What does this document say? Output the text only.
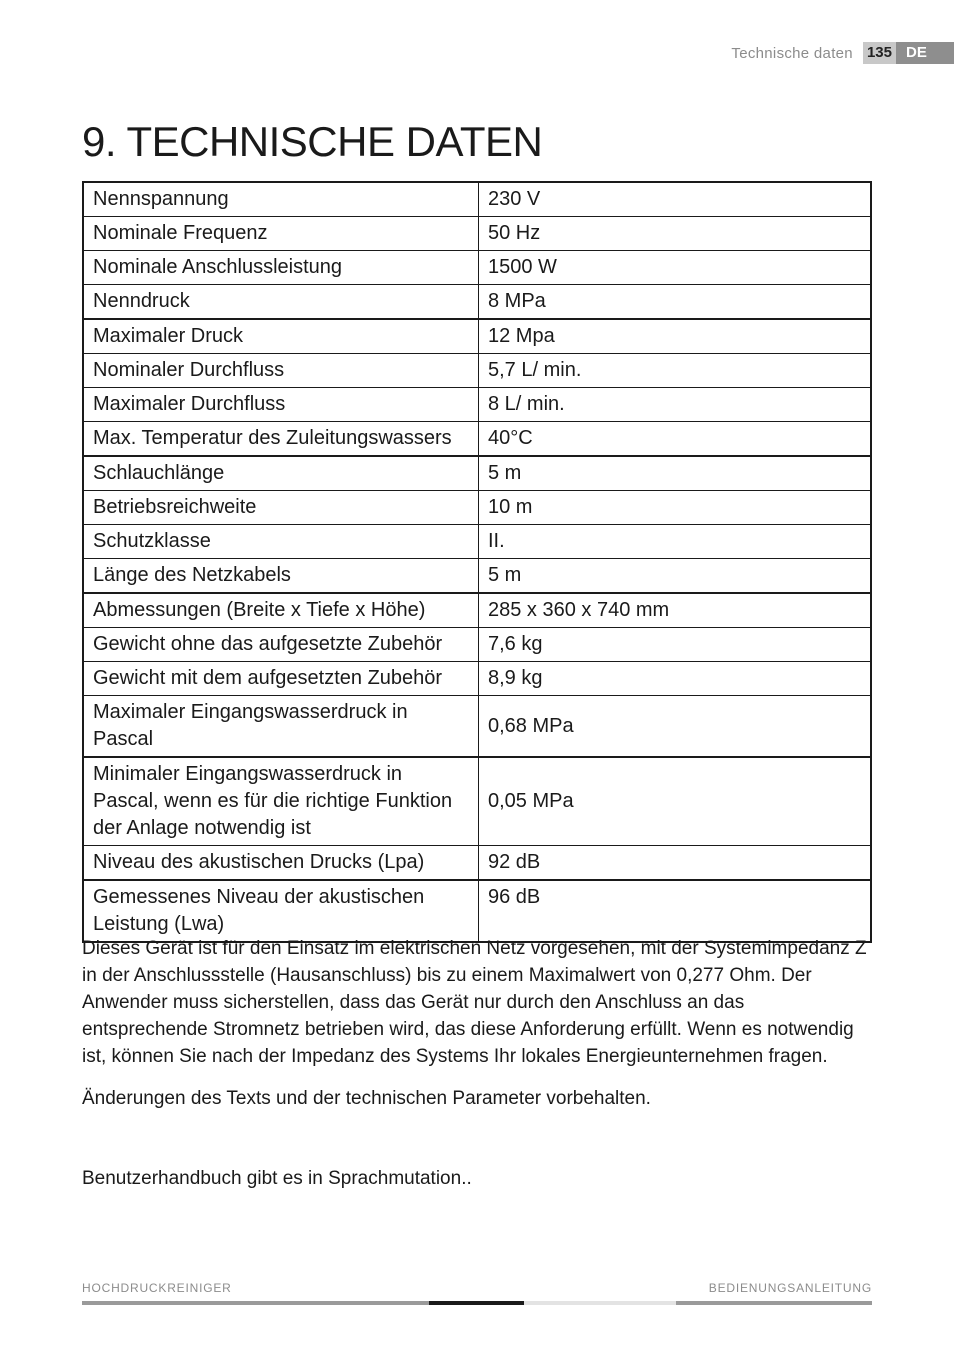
Technische daten 135 DE
9. TECHNISCHE DATEN
Nennspannung	230 V
Nominale Frequenz	50 Hz
Nominale Anschlussleistung	1500 W
Nenndruck	8 MPa
Maximaler Druck	12 Mpa
Nominaler Durchfluss	5,7 L/ min.
Maximaler Durchfluss	8 L/ min.
Max. Temperatur des Zuleitungswassers	40°C
Schlauchlänge	5 m
Betriebsreichweite	10 m
Schutzklasse	II.
Länge des Netzkabels	5 m
Abmessungen (Breite x Tiefe x Höhe)	285 x 360 x 740 mm
Gewicht ohne das aufgesetzte Zubehör	7,6 kg
Gewicht mit dem aufgesetzten Zubehör	8,9 kg
Maximaler Eingangswasserdruck in Pascal	0,68 MPa
Minimaler Eingangswasserdruck in Pascal, wenn es für die richtige Funktion der Anlage notwendig ist	0,05 MPa
Niveau des akustischen Drucks (Lpa)	92 dB
Gemessenes Niveau der akustischen Leistung (Lwa)	96 dB

Dieses Gerät ist für den Einsatz im elektrischen Netz vorgesehen, mit der Systemimpedanz Z in der Anschlussstelle (Hausanschluss) bis zu einem Maximalwert von 0,277 Ohm. Der Anwender muss sicherstellen, dass das Gerät nur durch den Anschluss an das entsprechende Stromnetz betrieben wird, das diese Anforderung erfüllt. Wenn es notwendig ist, können Sie nach der Impedanz des Systems Ihr lokales Energieunternehmen fragen.

Änderungen des Texts und der technischen Parameter vorbehalten.

Benutzerhandbuch gibt es in Sprachmutation..

HOCHDRUCKREINIGER	BEDIENUNGSANLEITUNG
